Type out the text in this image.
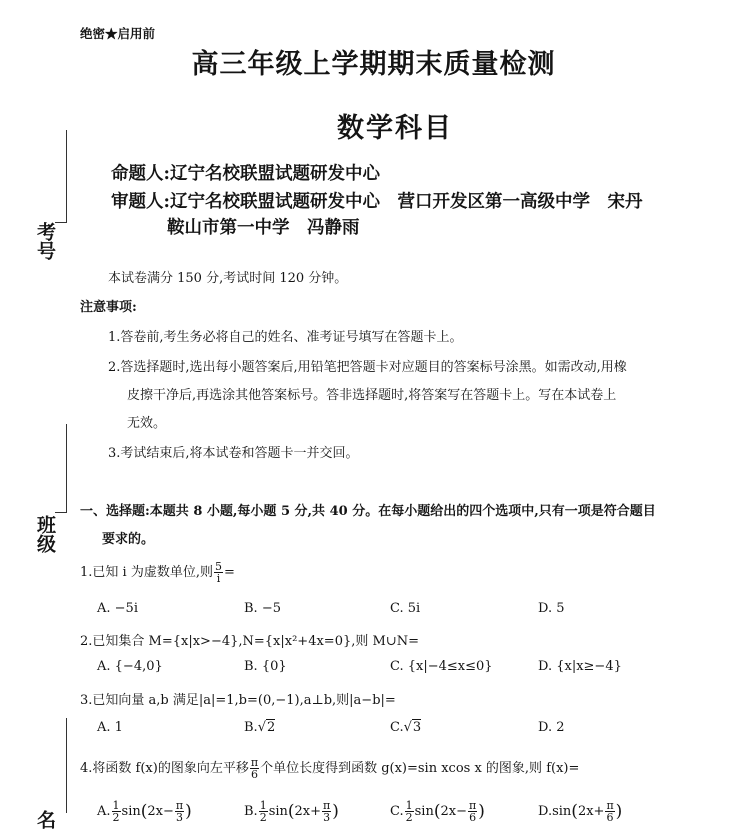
绝密★启用前
高三年级上学期期末质量检测
数学科目
命题人:辽宁名校联盟试题研发中心
审题人:辽宁名校联盟试题研发中心　营口开发区第一高级中学　宋丹
鞍山市第一中学　冯静雨
考号
班级
名
本试卷满分 150 分,考试时间 120 分钟。
注意事项:
1.答卷前,考生务必将自己的姓名、准考证号填写在答题卡上。
2.答选择题时,选出每小题答案后,用铅笔把答题卡对应题目的答案标号涂黑。如需改动,用橡
皮擦干净后,再选涂其他答案标号。答非选择题时,将答案写在答题卡上。写在本试卷上
无效。
3.考试结束后,将本试卷和答题卡一并交回。
一、选择题:本题共 8 小题,每小题 5 分,共 40 分。在每小题给出的四个选项中,只有一项是符合题目
要求的。
1.已知 i 为虚数单位,则 $\frac{5}{i}$ =
A. −5i	B. −5	C. 5i	D. 5
2.已知集合 M={x|x>−4},N={x|x²+4x=0},则 M∪N=
A. {−4,0}	B. {0}	C. {x|−4≤x≤0}	D. {x|x≥−4}
3.已知向量 a,b 满足|a|=1,b=(0,−1),a⊥b,则|a−b|=
A. 1	B.√2	C.√3	D. 2
4.将函数 f(x)的图象向左平移 $\frac{\pi}{6}$ 个单位长度得到函数 g(x)=sin xcos x 的图象,则 f(x)=
A. $\frac{1}{2} \sin(2x- \frac{\pi}{3}$ )	B. $\frac{1}{2} \sin(2x+ \frac{\pi}{3}$ )	C. $\frac{1}{2} \sin(2x- \frac{\pi}{6}$ )	$D.\sin(2x+ \frac{\pi}{6}$ )
